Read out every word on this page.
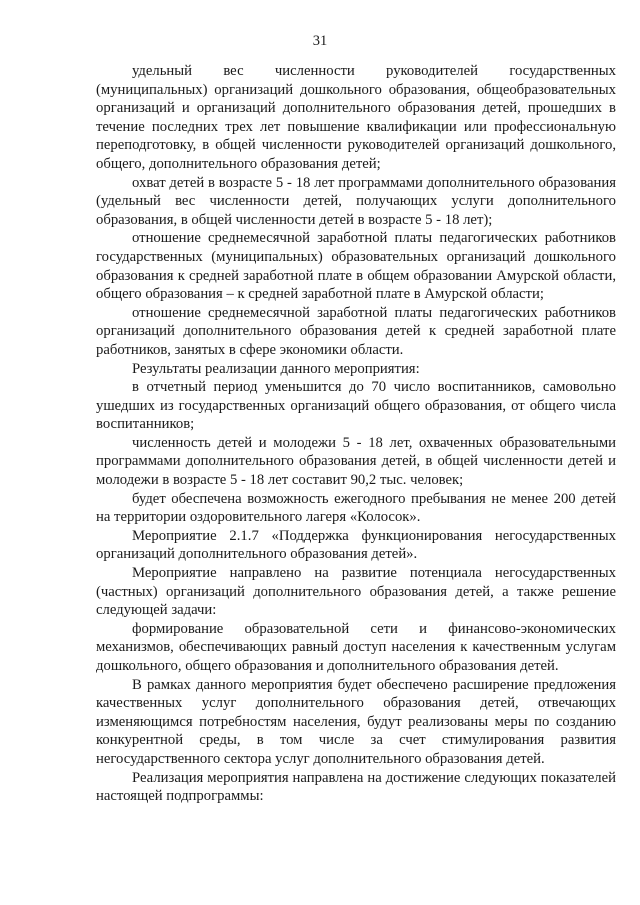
31

удельный вес численности руководителей государственных (муниципальных) организаций дошкольного образования, общеобразовательных организаций и организаций дополнительного образования детей, прошедших в течение последних трех лет повышение квалификации или профессиональную переподготовку, в общей численности руководителей организаций дошкольного, общего, дополнительного образования детей;

охват детей в возрасте 5 - 18 лет программами дополнительного образования (удельный вес численности детей, получающих услуги дополнительного образования, в общей численности детей в возрасте 5 - 18 лет);

отношение среднемесячной заработной платы педагогических работников государственных (муниципальных) образовательных организаций дошкольного образования к средней заработной плате в общем образовании Амурской области, общего образования – к средней заработной плате в Амурской области;

отношение среднемесячной заработной платы педагогических работников организаций дополнительного образования детей к средней заработной плате работников, занятых в сфере экономики области.

Результаты реализации данного мероприятия:

в отчетный период уменьшится до 70 число воспитанников, самовольно ушедших из государственных организаций общего образования, от общего числа воспитанников;

численность детей и молодежи 5 - 18 лет, охваченных образовательными программами дополнительного образования детей, в общей численности детей и молодежи в возрасте 5 - 18 лет составит 90,2 тыс. человек;

будет обеспечена возможность ежегодного пребывания не менее 200 детей на территории оздоровительного лагеря «Колосок».

Мероприятие 2.1.7 «Поддержка функционирования негосударственных организаций дополнительного образования детей».

Мероприятие направлено на развитие потенциала негосударственных (частных) организаций дополнительного образования детей, а также решение следующей задачи:

формирование образовательной сети и финансово-экономических механизмов, обеспечивающих равный доступ населения к качественным услугам дошкольного, общего образования и дополнительного образования детей.

В рамках данного мероприятия будет обеспечено расширение предложения качественных услуг дополнительного образования детей, отвечающих изменяющимся потребностям населения, будут реализованы меры по созданию конкурентной среды, в том числе за счет стимулирования развития негосударственного сектора услуг дополнительного образования детей.

Реализация мероприятия направлена на достижение следующих показателей настоящей подпрограммы:
